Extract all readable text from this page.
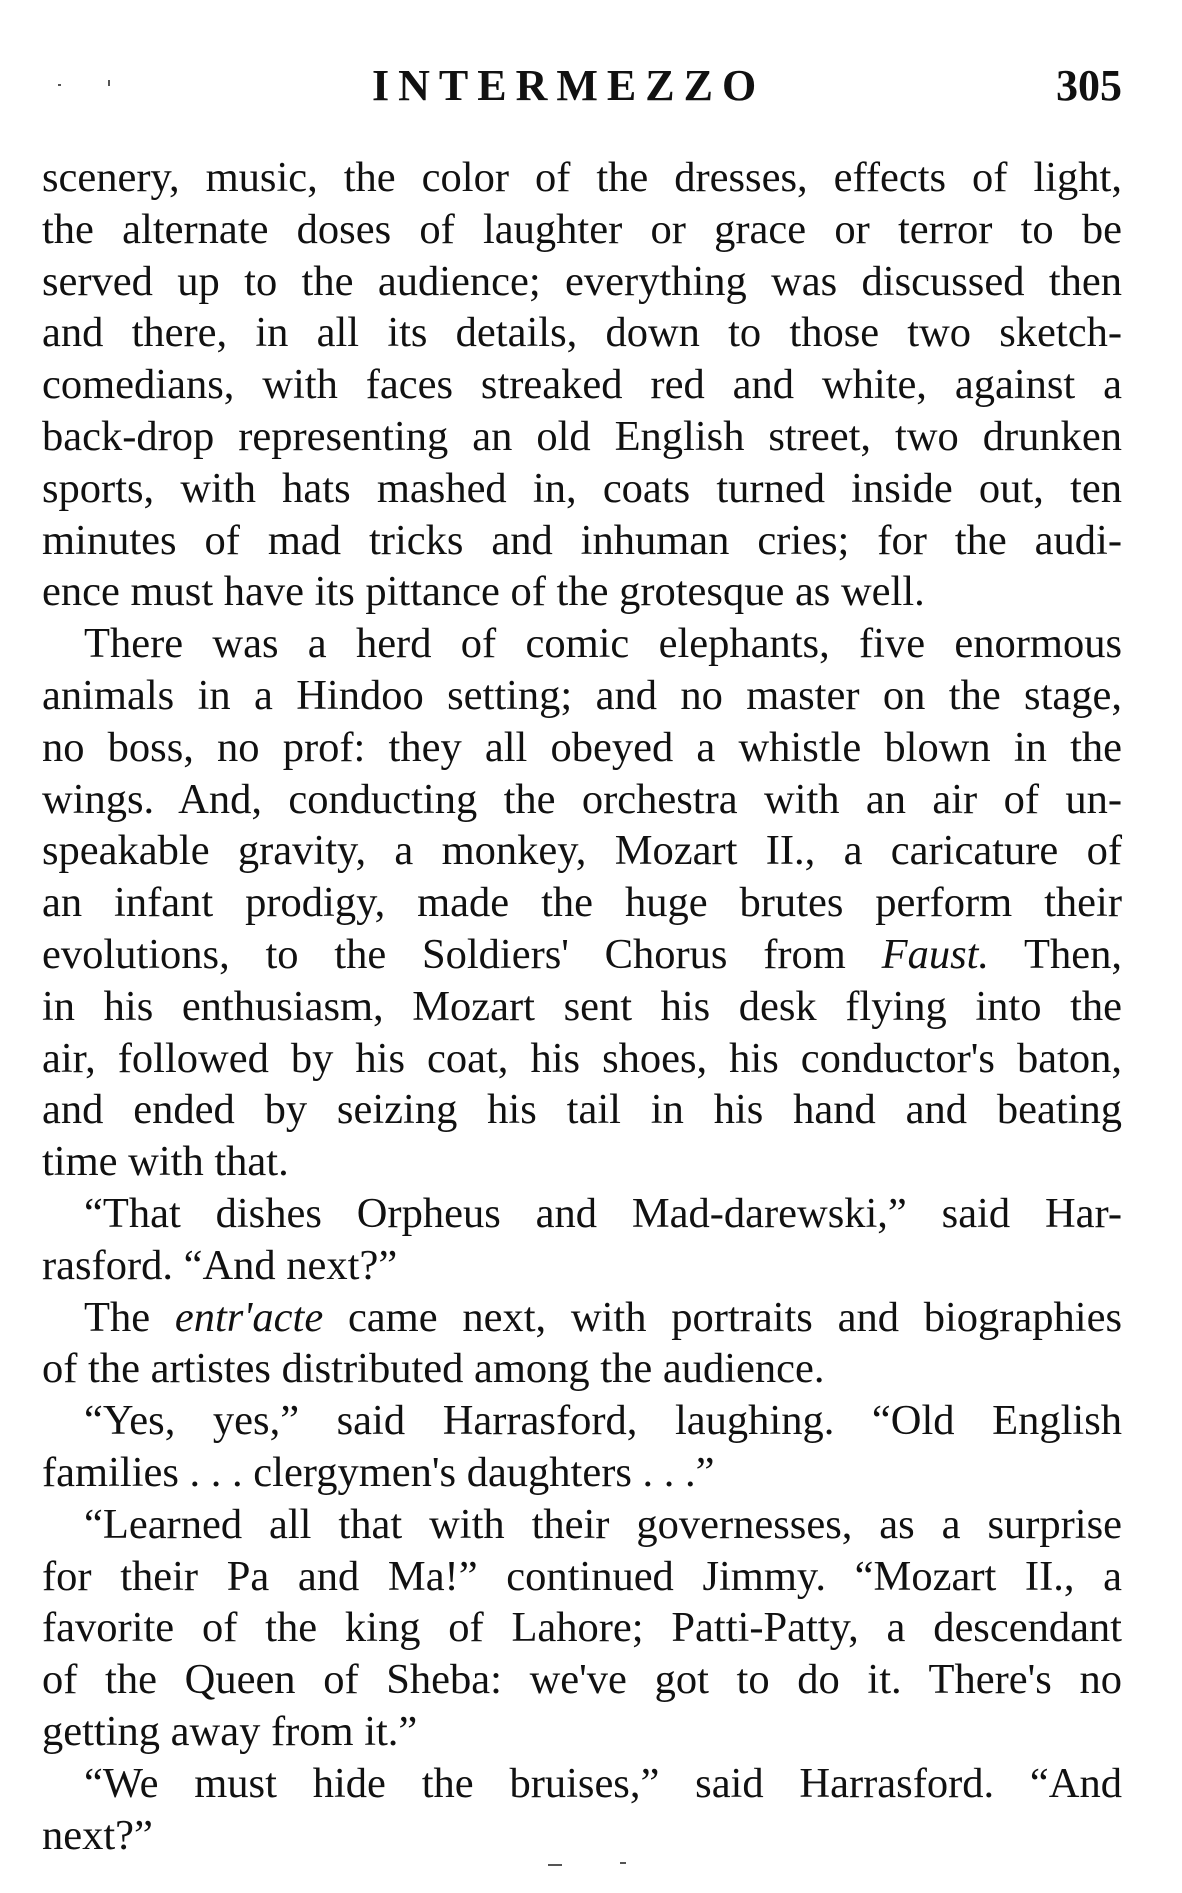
INTERMEZZO	305
scenery, music, the color of the dresses, effects of light,
the alternate doses of laughter or grace or terror to be
served up to the audience; everything was discussed then
and there, in all its details, down to those two sketch-
comedians, with faces streaked red and white, against a
back-drop representing an old English street, two drunken
sports, with hats mashed in, coats turned inside out, ten
minutes of mad tricks and inhuman cries; for the audi-
ence must have its pittance of the grotesque as well.
There was a herd of comic elephants, five enormous
animals in a Hindoo setting; and no master on the stage,
no boss, no prof: they all obeyed a whistle blown in the
wings. And, conducting the orchestra with an air of un-
speakable gravity, a monkey, Mozart II., a caricature of
an infant prodigy, made the huge brutes perform their
evolutions, to the Soldiers' Chorus from Faust. Then,
in his enthusiasm, Mozart sent his desk flying into the
air, followed by his coat, his shoes, his conductor's baton,
and ended by seizing his tail in his hand and beating
time with that.
“That dishes Orpheus and Mad-darewski,” said Har-
rasford. “And next?”
The entr'acte came next, with portraits and biographies
of the artistes distributed among the audience.
“Yes, yes,” said Harrasford, laughing. “Old English
families . . . clergymen's daughters . . .”
“Learned all that with their governesses, as a surprise
for their Pa and Ma!” continued Jimmy. “Mozart II., a
favorite of the king of Lahore; Patti-Patty, a descendant
of the Queen of Sheba: we've got to do it. There's no
getting away from it.”
“We must hide the bruises,” said Harrasford. “And
next?”
